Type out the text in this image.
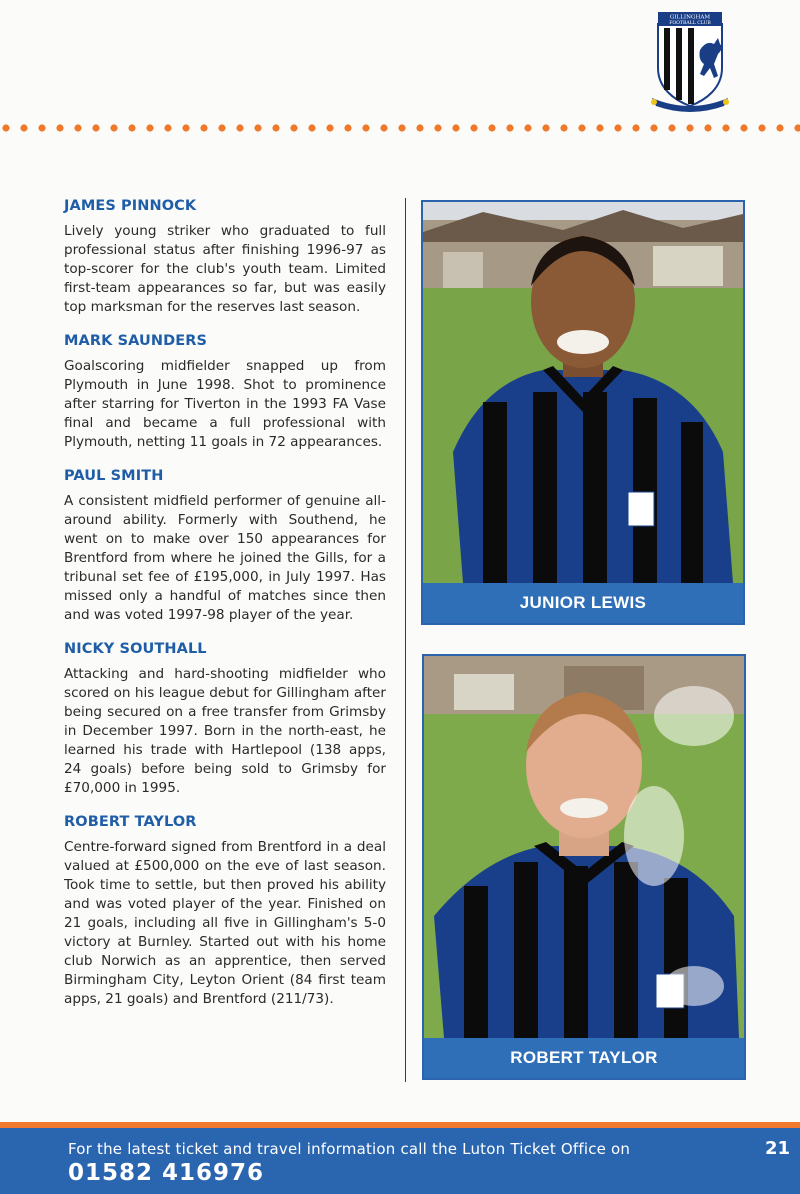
GILLINGHAM
FOOTBALL CLUB
JAMES PINNOCK

Lively young striker who graduated to full professional status after finishing 1996-97 as top-scorer for the club's youth team. Limited first-team appearances so far, but was easily top marksman for the reserves last season.

MARK SAUNDERS

Goalscoring midfielder snapped up from Plymouth in June 1998. Shot to prominence after starring for Tiverton in the 1993 FA Vase final and became a full professional with Plymouth, netting 11 goals in 72 appearances.

PAUL SMITH

A consistent midfield performer of genuine all-around ability. Formerly with Southend, he went on to make over 150 appearances for Brentford from where he joined the Gills, for a tribunal set fee of £195,000, in July 1997. Has missed only a handful of matches since then and was voted 1997-98 player of the year.

NICKY SOUTHALL

Attacking and hard-shooting midfielder who scored on his league debut for Gillingham after being secured on a free transfer from Grimsby in December 1997. Born in the north-east, he learned his trade with Hartlepool (138 apps, 24 goals) before being sold to Grimsby for £70,000 in 1995.

ROBERT TAYLOR

Centre-forward signed from Brentford in a deal valued at £500,000 on the eve of last season. Took time to settle, but then proved his ability and was voted player of the year. Finished on 21 goals, including all five in Gillingham's 5-0 victory at Burnley. Started out with his home club Norwich as an apprentice, then served Birmingham City, Leyton Orient (84 first team apps, 21 goals) and Brentford (211/73).

JUNIOR LEWIS
ROBERT TAYLOR
For the latest ticket and travel information call the Luton Ticket Office on
01582 416976
21
